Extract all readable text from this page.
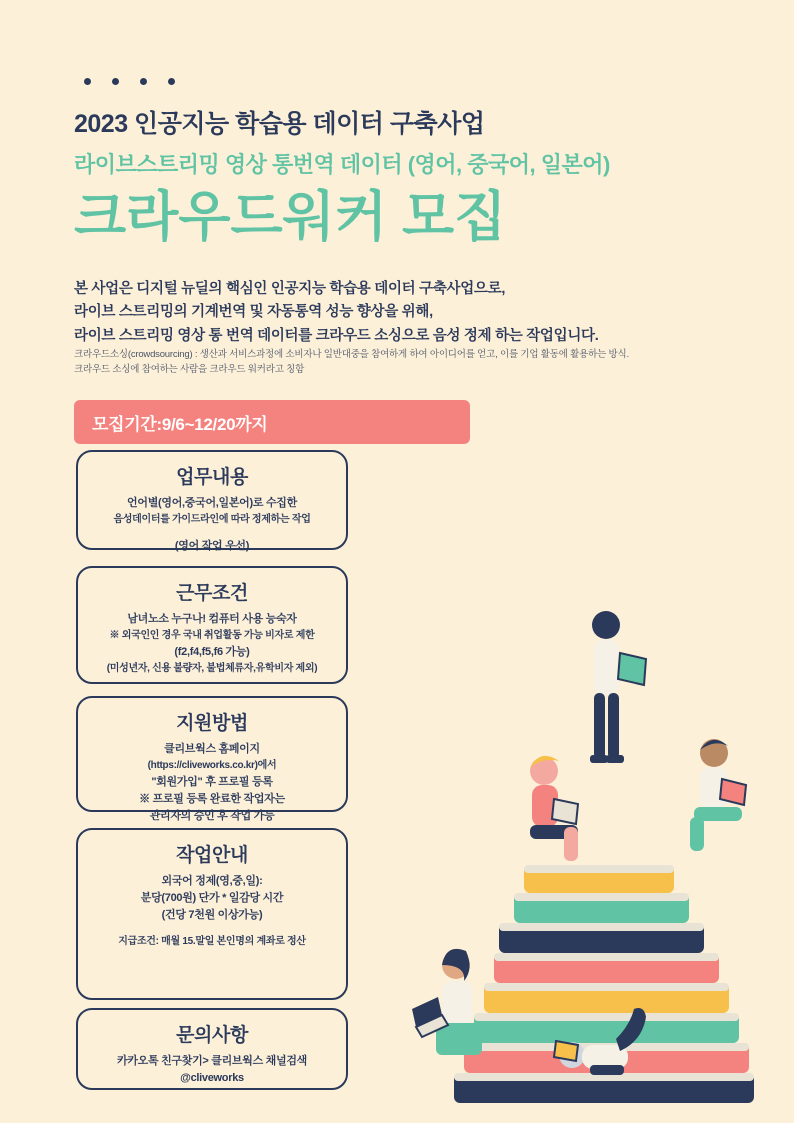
2023 인공지능 학습용 데이터 구축사업
라이브스트리밍 영상 통번역 데이터 (영어, 중국어, 일본어)
크라우드워커 모집
본 사업은 디지털 뉴딜의 핵심인 인공지능 학습용 데이터 구축사업으로,
라이브 스트리밍의 기계번역 및 자동통역 성능 향상을 위해,
라이브 스트리밍 영상 통 번역 데이터를 크라우드 소싱으로 음성 정제 하는 작업입니다.
크라우드소싱(crowdsourcing) : 생산과 서비스과정에 소비자나 일반대중을 참여하게 하여 아이디어를 얻고, 이를 기업 활동에 활용하는 방식.
크라우드 소싱에 참여하는 사람을 크라우드 워커라고 칭함
모집기간:9/6~12/20까지
업무내용

언어별(영어,중국어,일본어)로 수집한

음성데이터를 가이드라인에 따라 정제하는 작업

(영어 작업 우선)

근무조건

남녀노소 누구나! 컴퓨터 사용 능숙자

※ 외국인인 경우 국내 취업활동 가능 비자로 제한

(f2,f4,f5,f6 가능)

(미성년자, 신용 불량자, 불법체류자,유학비자 제외)

지원방법

클리브웍스 홈페이지

(https://cliveworks.co.kr)에서

"회원가입" 후 프로필 등록

※ 프로필 등록 완료한 작업자는

관리자의 승인 후 작업 가능

작업안내

외국어 정제(영,중,일):

분당(700원) 단가 * 일감당 시간

(건당 7천원 이상가능)

지급조건: 매월 15.말일 본인명의 계좌로 정산

문의사항

카카오톡 친구찾기> 클리브웍스 채널검색

@cliveworks
